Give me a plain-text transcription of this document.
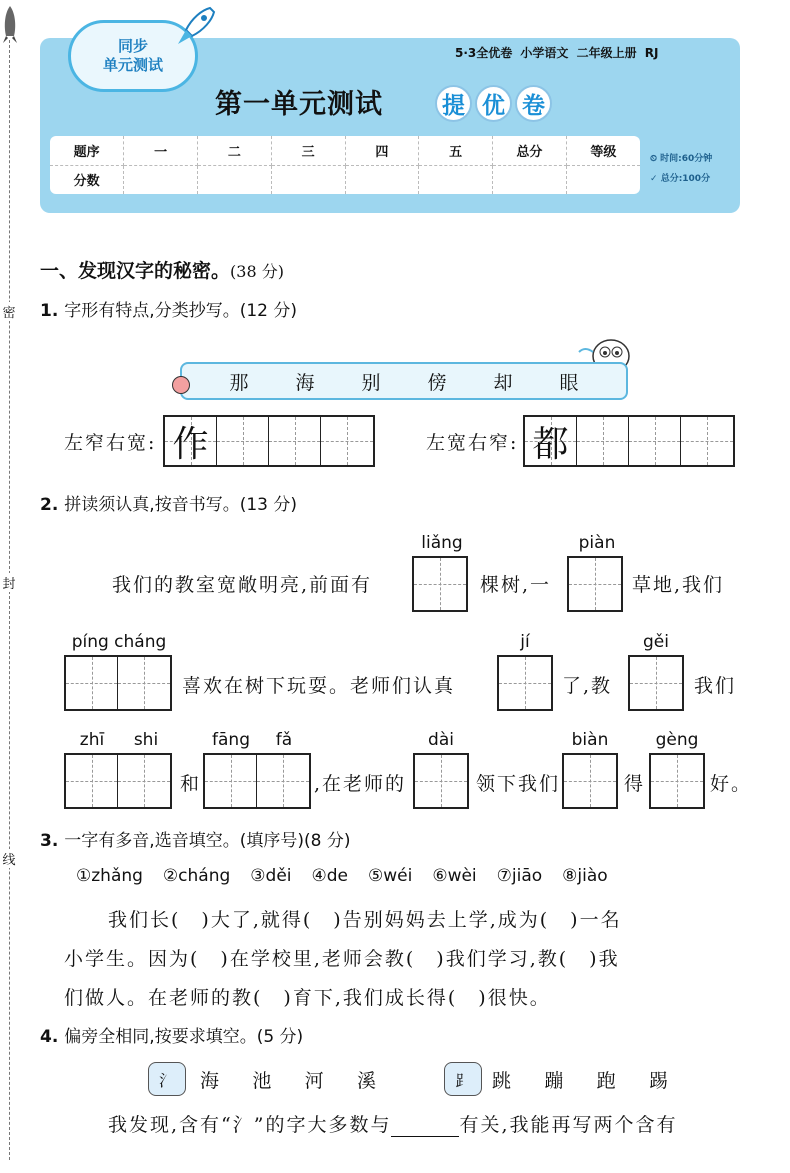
密
封
线
同步
单元测试
5·3全优卷 小学语文 二年级上册 RJ
第一单元测试	提 优 卷
题序	一	二	三	四	五	总分	等级
分数							
⏲ 时间:60分钟
✓ 总分:100分
一、发现汉字的秘密。(38 分)
1. 字形有特点,分类抄写。(12 分)
那 海 别 傍 却 眼
左窄右宽: 作	左宽右窄: 都
2. 拼读须认真,按音书写。(13 分)
我们的教室宽敞明亮,前面有
liǎng
棵树,一
piàn
草地,我们
píng cháng
喜欢在树下玩耍。老师们认真
jí
了,教
gěi
我们
zhī	shi
和
fāng	fǎ
,在老师的
dài
领下我们
biàn
得
gèng
好。
3. 一字有多音,选音填空。(填序号)(8 分)
①zhǎng ②cháng ③děi ④de ⑤wéi ⑥wèi ⑦jiāo ⑧jiào
我们长(  )大了,就得(  )告别妈妈去上学,成为(  )一名
小学生。因为(  )在学校里,老师会教(  )我们学习,教(  )我
们做人。在老师的教(  )育下,我们成长得(  )很快。
4. 偏旁全相同,按要求填空。(5 分)
氵 海 池 河 溪	⻊ 跳 蹦 跑 踢
我发现,含有“氵”的字大多数与	有关,我能再写两个含有
